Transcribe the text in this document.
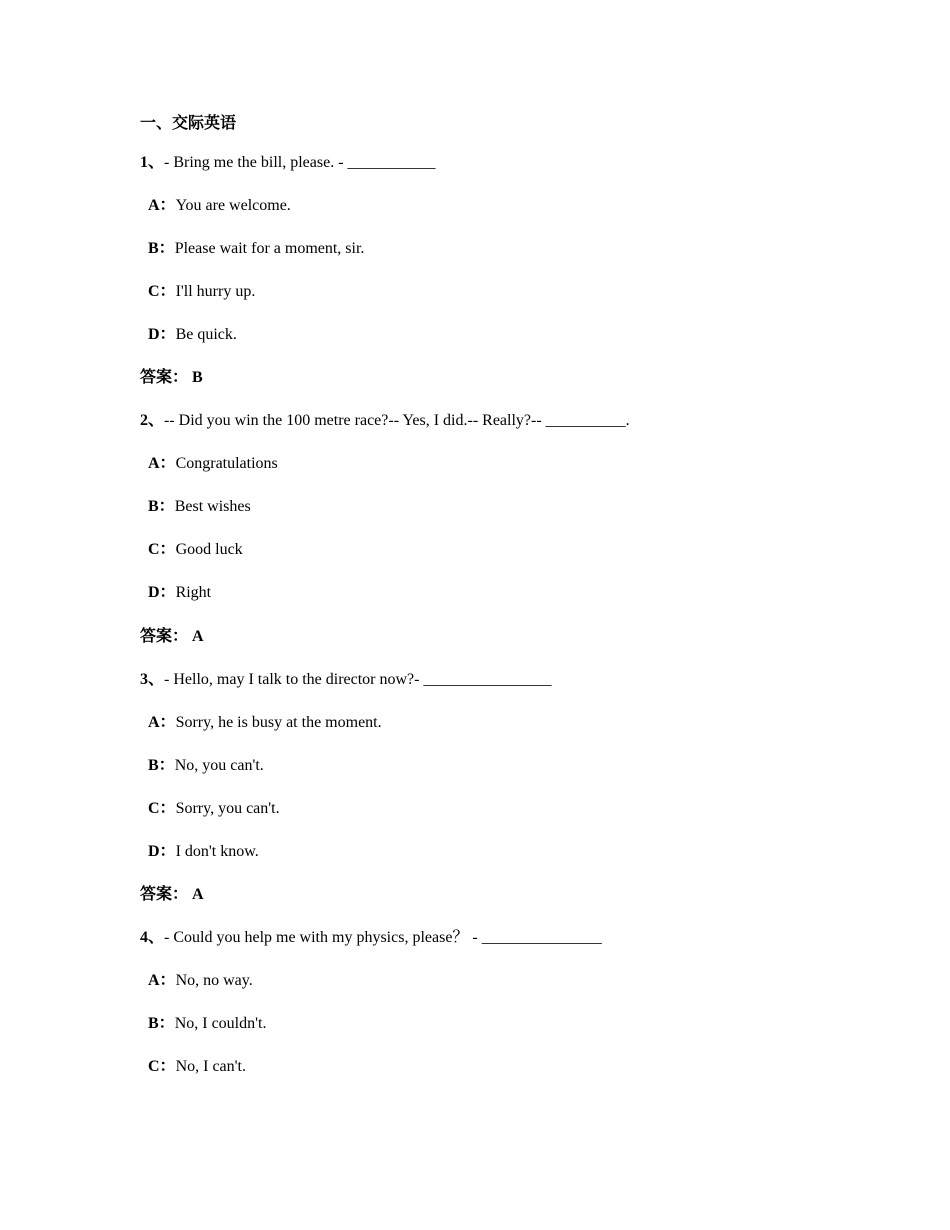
一、交际英语
1、 - Bring me the bill, please. - ___________
A： You are welcome.
B： Please wait for a moment, sir.
C： I'll hurry up.
D： Be quick.
答案： B
2、 -- Did you win the 100 metre race?-- Yes, I did.-- Really?-- __________.
A： Congratulations
B： Best wishes
C： Good luck
D： Right
答案： A
3、 - Hello, may I talk to the director now?- ________________
A： Sorry, he is busy at the moment.
B： No, you can't.
C： Sorry, you can't.
D： I don't know.
答案： A
4、 - Could you help me with my physics, please？ - _______________
A： No, no way.
B： No, I couldn't.
C： No, I can't.
